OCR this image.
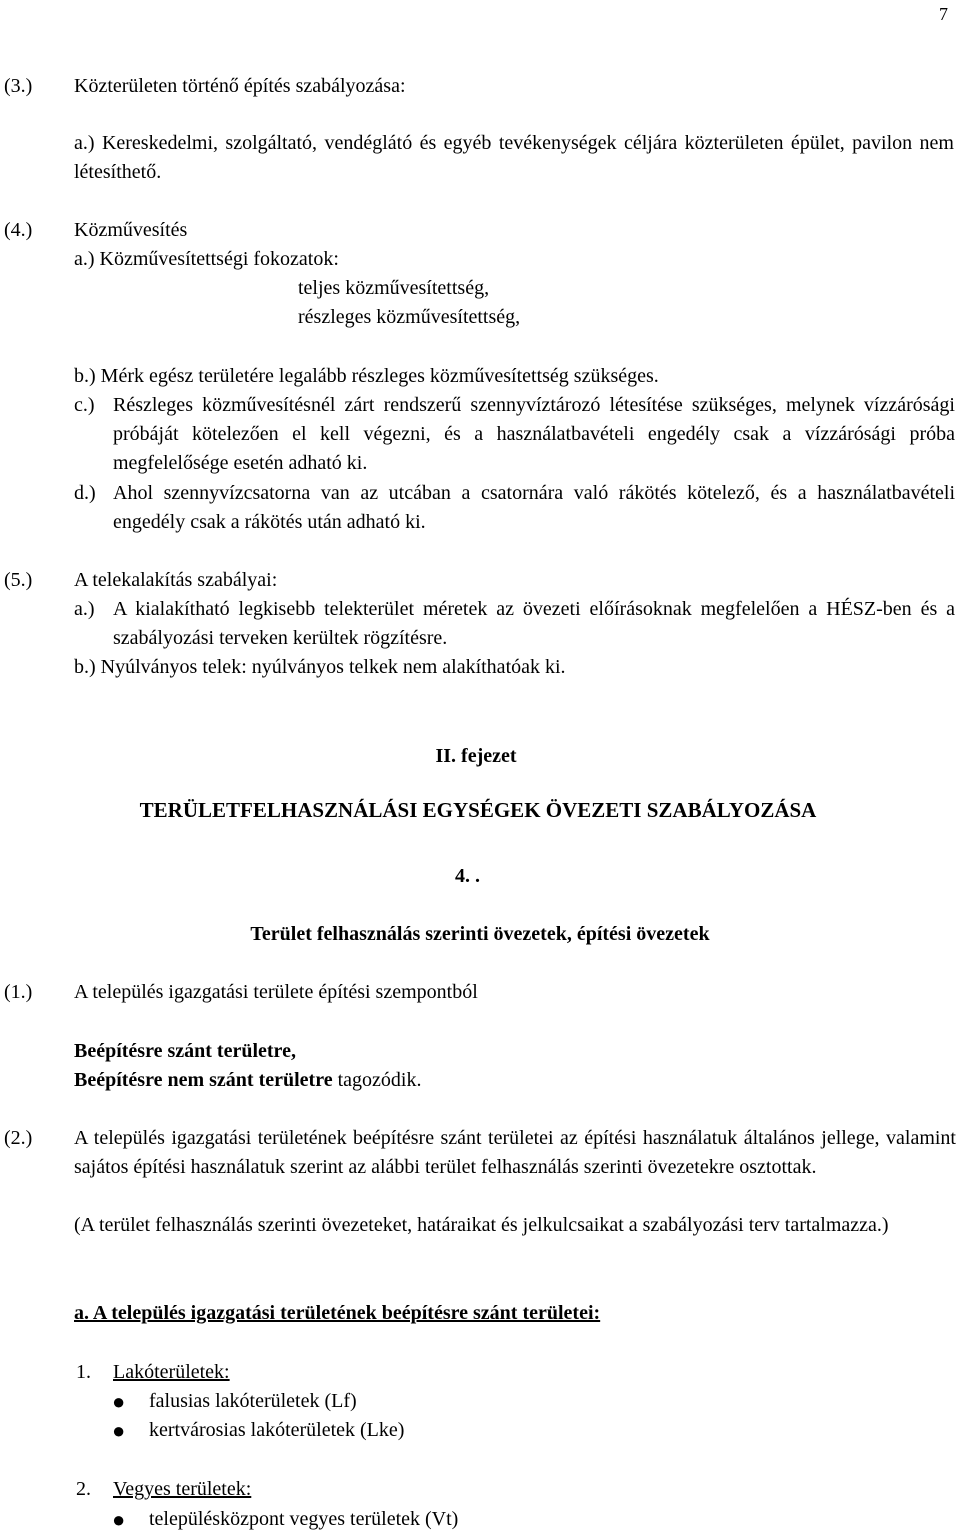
7
(3.) Közterületen történő építés szabályozása:
a.) Kereskedelmi, szolgáltató, vendéglátó és egyéb tevékenységek céljára közterületen épület, pavilon nem létesíthető.
(4.) Közművesítés
a.) Közművesítettségi fokozatok:
teljes közművesítettség,
részleges közművesítettség,
b.) Mérk egész területére legalább részleges közművesítettség szükséges.
c.) Részleges közművesítésnél zárt rendszerű szennyvíztározó létesítése szükséges, melynek vízzárósági próbáját kötelezően el kell végezni, és a használatbavételi engedély csak a vízzárósági próba megfelelősége esetén adható ki.
d.) Ahol szennyvízcsatorna van az utcában a csatornára való rákötés kötelező, és a használatbavételi engedély csak a rákötés után adható ki.
(5.) A telekalakítás szabályai:
a.) A kialakítható legkisebb telekterület méretek az övezeti előírásoknak megfelelően a HÉSZ-ben és a szabályozási terveken kerültek rögzítésre.
b.) Nyúlványos telek: nyúlványos telkek nem alakíthatóak ki.
II. fejezet
TERÜLETFELHASZNÁLÁSI EGYSÉGEK ÖVEZETI SZABÁLYOZÁSA
4. .
Terület felhasználás szerinti övezetek, építési övezetek
(1.) A település igazgatási területe építési szempontból
Beépítésre szánt területre,
Beépítésre nem szánt területre tagozódik.
(2.) A település igazgatási területének beépítésre szánt területei az építési használatuk általános jellege, valamint sajátos építési használatuk szerint az alábbi terület felhasználás szerinti övezetekre osztottak.
(A terület felhasználás szerinti övezeteket, határaikat és jelkulcsaikat a szabályozási terv tartalmazza.)
a. A település igazgatási területének beépítésre szánt területei:
1. Lakóterületek:
● falusias lakóterületek (Lf)
● kertvárosias lakóterületek (Lke)
2. Vegyes területek:
● településközpont vegyes területek (Vt)
